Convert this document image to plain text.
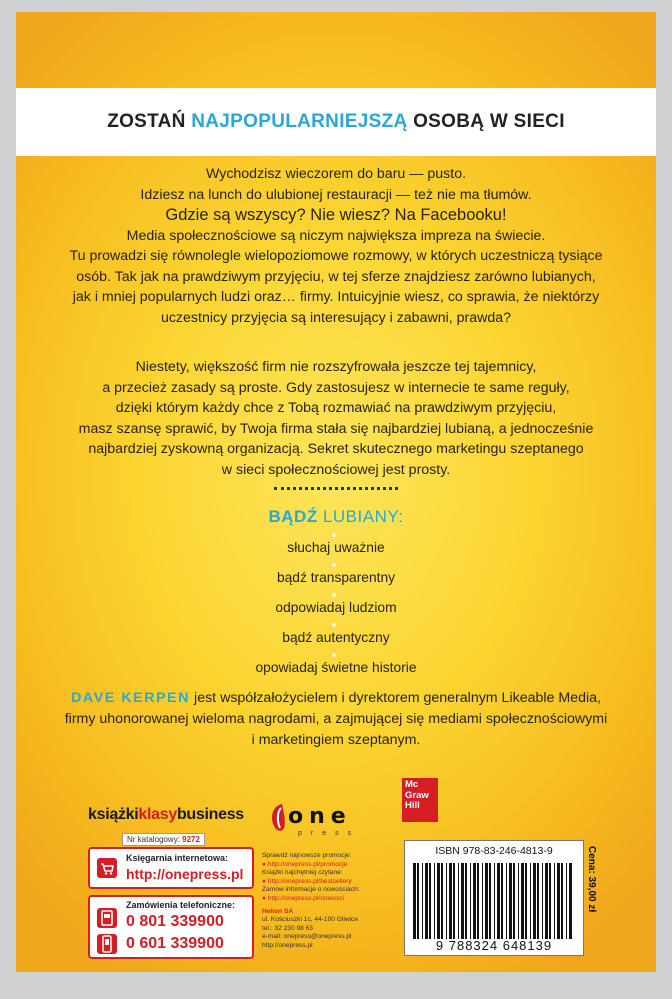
ZOSTAŃ NAJPOPULARNIEJSZĄ OSOBĄ W SIECI
Wychodzisz wieczorem do baru — pusto.
Idziesz na lunch do ulubionej restauracji — też nie ma tłumów.
Gdzie są wszyscy? Nie wiesz? Na Facebooku!
Media społecznościowe są niczym największa impreza na świecie.
Tu prowadzi się równolegle wielopoziomowe rozmowy, w których uczestniczą tysiące
osób. Tak jak na prawdziwym przyjęciu, w tej sferze znajdziesz zarówno lubianych,
jak i mniej popularnych ludzi oraz… firmy. Intuicyjnie wiesz, co sprawia, że niektórzy
uczestnicy przyjęcia są interesujący i zabawni, prawda?
Niestety, większość firm nie rozszyfrowała jeszcze tej tajemnicy,
a przecież zasady są proste. Gdy zastosujesz w internecie te same reguły,
dzięki którym każdy chce z Tobą rozmawiać na prawdziwym przyjęciu,
masz szansę sprawić, by Twoja firma stała się najbardziej lubianą, a jednocześnie
najbardziej zyskowną organizacją. Sekret skutecznego marketingu szeptanego
w sieci społecznościowej jest prosty.
BĄDŹ LUBIANY:
słuchaj uważnie
bądź transparentny
odpowiadaj ludziom
bądź autentyczny
opowiadaj świetne historie
DAVE KERPEN jest współzałożycielem i dyrektorem generalnym Likeable Media,
firmy uhonorowanej wieloma nagrodami, a zajmującej się mediami społecznościowymi
i marketingiem szeptanym.
książkiklasybusiness
Nr katalogowy: 9272
Księgarnia internetowa:
http://onepress.pl
Zamówienia telefoniczne:
0 801 339900
0 601 339900
one
press
Sprawdź najnowsze promocje:
● http://onepress.pl/promocje
Książki najchętniej czytane:
● http://onepress.pl/bestsellery
Zamów informacje o nowościach:
● http://onepress.pl/nowosci
Helion SA
ul. Kościuszki 1c, 44-100 Gliwice
tel.: 32 230 98 63
e-mail: onepress@onepress.pl
http://onepress.pl
Mc
Graw
Hill
ISBN 978-83-246-4813-9
9 788324 648139
Cena: 39,00 zł
